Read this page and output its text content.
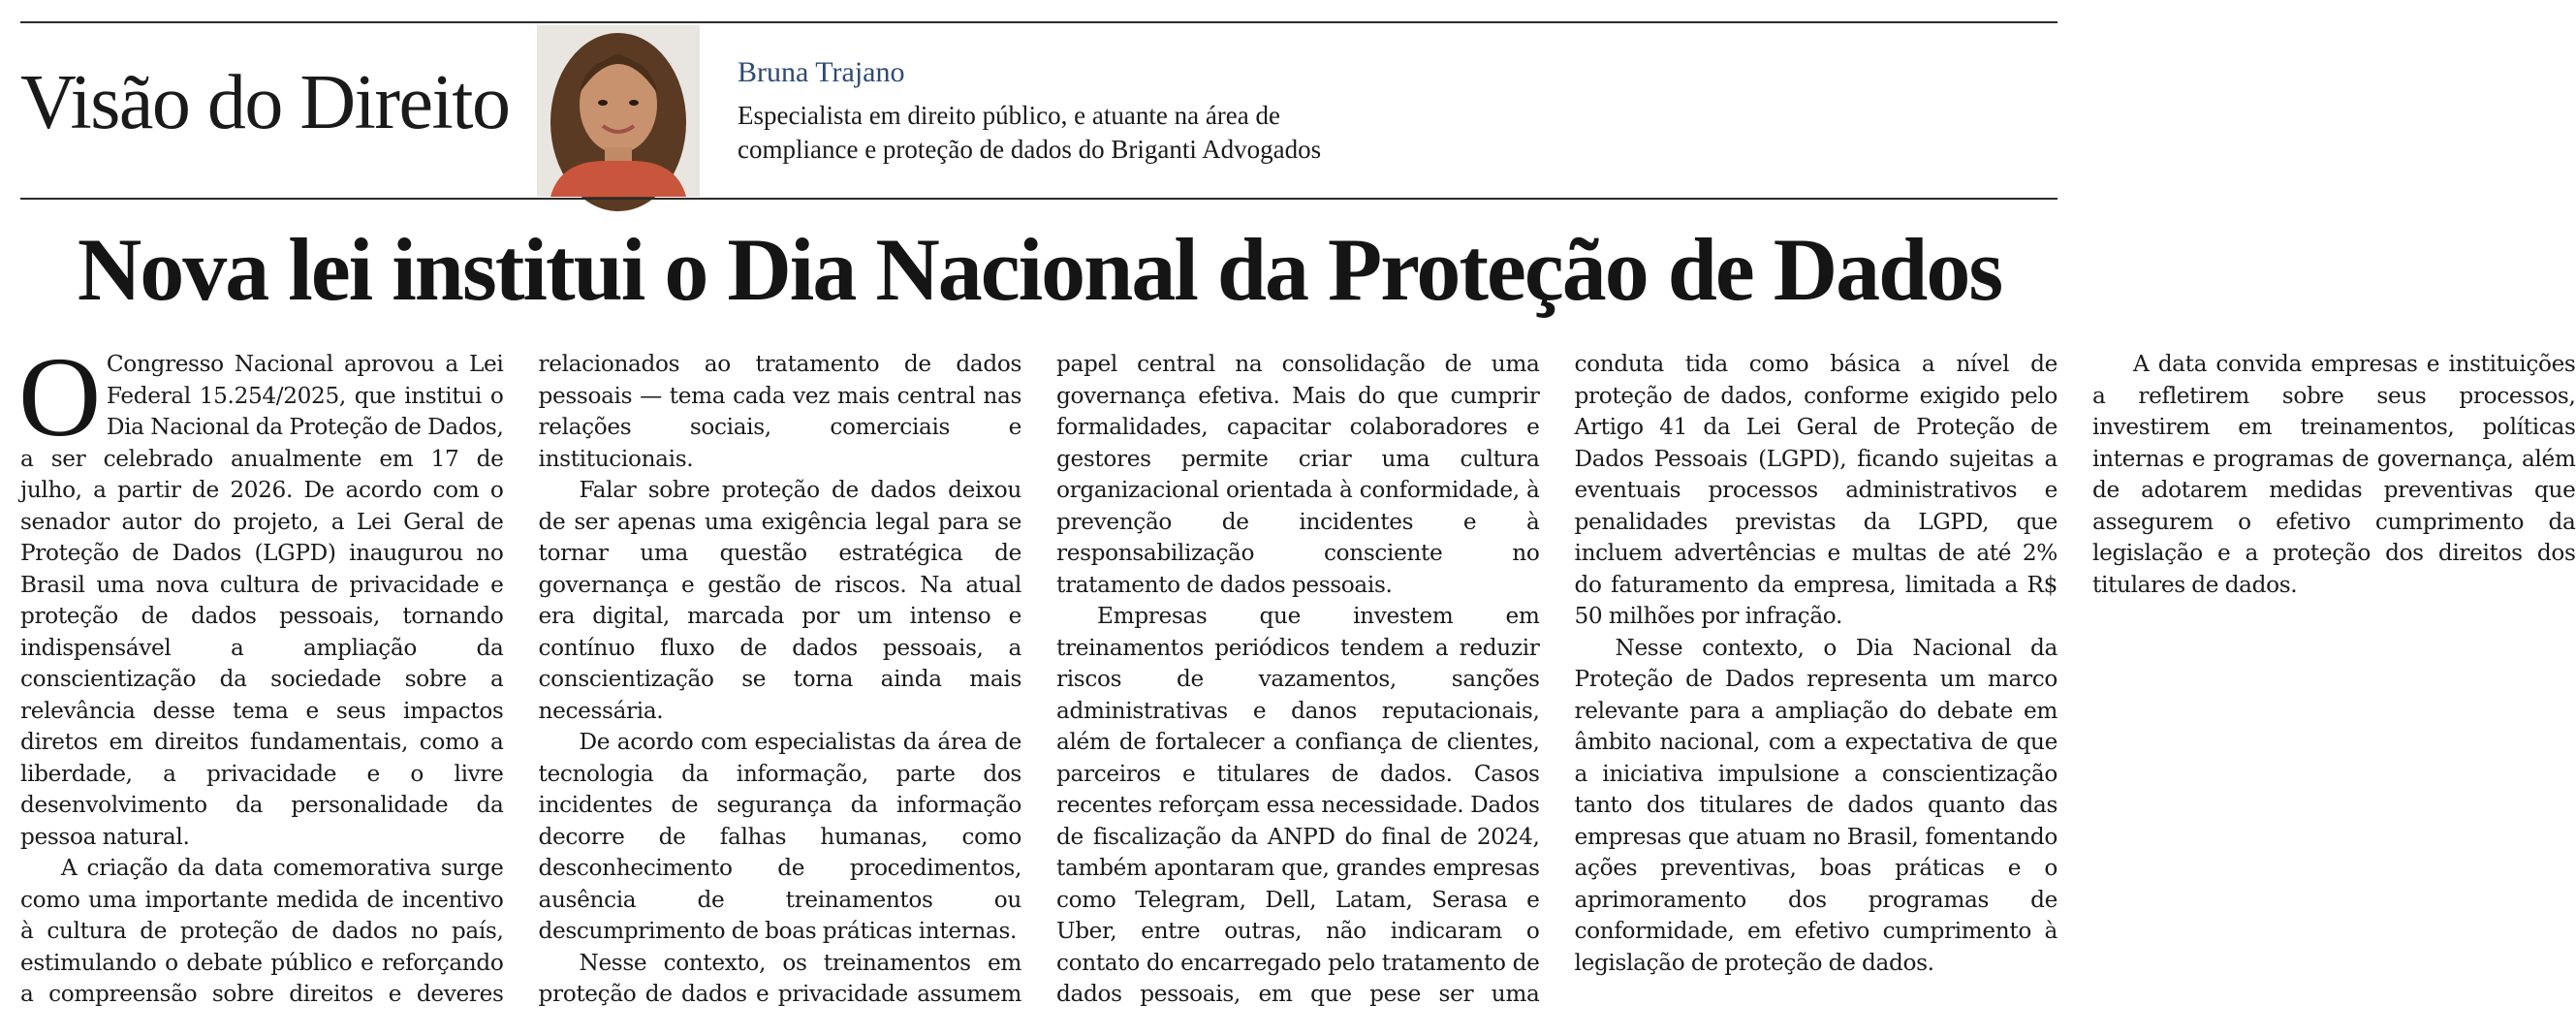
Visão do Direito	Bruna Trajano
Especialista em direito público, e atuante na área de
compliance e proteção de dados do Briganti Advogados
Nova lei institui o Dia Nacional da Proteção de Dados

O Congresso Nacional aprovou a Lei Federal 15.254/2025, que institui o Dia Nacional da Proteção de Dados, a ser celebrado anualmente em 17 de julho, a partir de 2026. De acordo com o senador autor do projeto, a Lei Geral de Proteção de Dados (LGPD) inaugurou no Brasil uma nova cultura de privacidade e proteção de dados pessoais, tornando indispensável a ampliação da conscientização da sociedade sobre a relevância desse tema e seus impactos diretos em direitos fundamentais, como a liberdade, a privacidade e o livre desenvolvimento da personalidade da pessoa natural.

A criação da data comemorativa surge como uma importante medida de incentivo à cultura de proteção de dados no país, estimulando o debate público e reforçando a compreensão sobre direitos e deveres relacionados ao tratamento de dados pessoais — tema cada vez mais central nas relações sociais, comerciais e institucionais.

Falar sobre proteção de dados deixou de ser apenas uma exigência legal para se tornar uma questão estratégica de governança e gestão de riscos. Na atual era digital, marcada por um intenso e contínuo fluxo de dados pessoais, a conscientização se torna ainda mais necessária.

De acordo com especialistas da área de tecnologia da informação, parte dos incidentes de segurança da informação decorre de falhas humanas, como desconhecimento de procedimentos, ausência de treinamentos ou descumprimento de boas práticas internas.

Nesse contexto, os treinamentos em proteção de dados e privacidade assumem papel central na consolidação de uma governança efetiva. Mais do que cumprir formalidades, capacitar colaboradores e gestores permite criar uma cultura organizacional orientada à conformidade, à prevenção de incidentes e à responsabilização consciente no tratamento de dados pessoais.

Empresas que investem em treinamentos periódicos tendem a reduzir riscos de vazamentos, sanções administrativas e danos reputacionais, além de fortalecer a confiança de clientes, parceiros e titulares de dados. Casos recentes reforçam essa necessidade. Dados de fiscalização da ANPD do final de 2024, também apontaram que, grandes empresas como Telegram, Dell, Latam, Serasa e Uber, entre outras, não indicaram o contato do encarregado pelo tratamento de dados pessoais, em que pese ser uma conduta tida como básica a nível de proteção de dados, conforme exigido pelo Artigo 41 da Lei Geral de Proteção de Dados Pessoais (LGPD), ficando sujeitas a eventuais processos administrativos e penalidades previstas da LGPD, que incluem advertências e multas de até 2% do faturamento da empresa, limitada a R$ 50 milhões por infração.

Nesse contexto, o Dia Nacional da Proteção de Dados representa um marco relevante para a ampliação do debate em âmbito nacional, com a expectativa de que a iniciativa impulsione a conscientização tanto dos titulares de dados quanto das empresas que atuam no Brasil, fomentando ações preventivas, boas práticas e o aprimoramento dos programas de conformidade, em efetivo cumprimento à legislação de proteção de dados.

A data convida empresas e instituições a refletirem sobre seus processos, investirem em treinamentos, políticas internas e programas de governança, além de adotarem medidas preventivas que assegurem o efetivo cumprimento da legislação e a proteção dos direitos dos titulares de dados.
